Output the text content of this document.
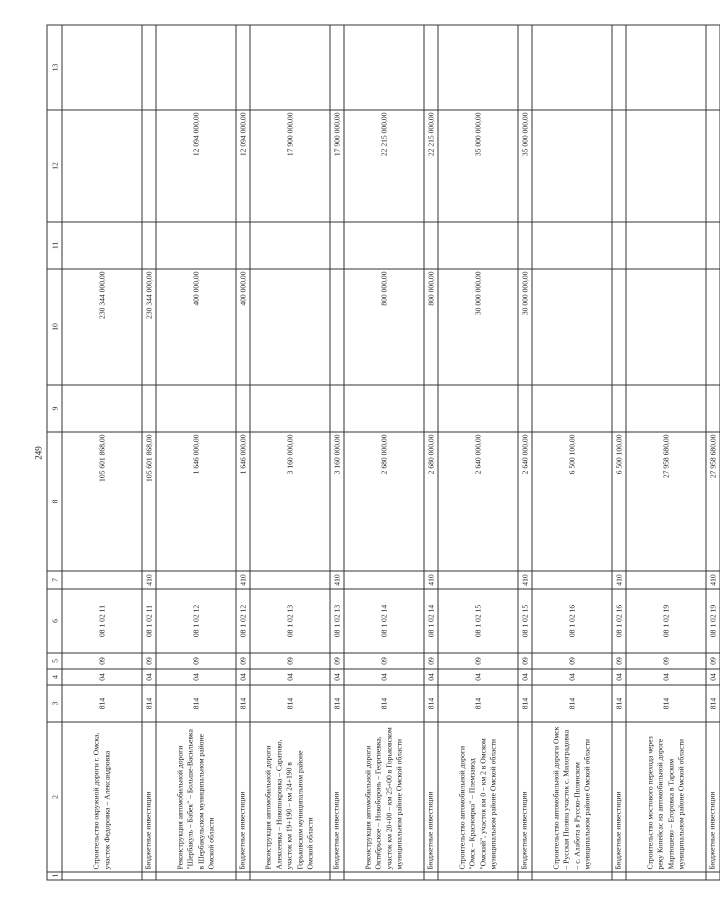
249
1	2	3	4	5	6	7	8	9	10	11	12	13
	Строительство окружной дороги г. Омска, участок Федоровка – Александровка	814	04	09	08 1 02 11		105 601 868,00		230 344 000,00			
	Бюджетные инвестиции	814	04	09	08 1 02 11	410	105 601 868,00		230 344 000,00			
	Реконструкция автомобильной дороги "Шербакуль – Бабек" – Больше-Васильевка в Шербакульском муниципальном районе Омской области	814	04	09	08 1 02 12		1 646 000,00		400 000,00		12 094 000,00	
	Бюджетные инвестиции	814	04	09	08 1 02 12	410	1 646 000,00		400 000,00		12 094 000,00	
	Реконструкция автомобильной дороги Алексеевка – Новопокровка – Саратово, участок км 19+190 – км 24+190 в Горьковском муниципальном районе Омской области	814	04	09	08 1 02 13		3 160 000,00				17 900 000,00	
	Бюджетные инвестиции	814	04	09	08 1 02 13	410	3 160 000,00				17 900 000,00	
	Реконструкция автомобильной дороги Октябрьское – Новоборонь – Георгиевка, участок км 20+00 – км 25+00 в Горьковском муниципальном районе Омской области	814	04	09	08 1 02 14		2 680 000,00		800 000,00		22 215 000,00	
	Бюджетные инвестиции	814	04	09	08 1 02 14	410	2 680 000,00		800 000,00		22 215 000,00	
	Строительство автомобильной дороги "Омск – Красноярка" – Племзавод "Омский", участок км 0 – км 2 в Омском муниципальном районе Омской области	814	04	09	08 1 02 15		2 640 000,00		30 000 000,00		35 000 000,00	
	Бюджетные инвестиции	814	04	09	08 1 02 15	410	2 640 000,00		30 000 000,00		35 000 000,00	
	Строительство автомобильной дороги Омск – Русская Поляна участок с. Милоградовка – с. Алабота в Русско-Полянском муниципальном районе Омской области	814	04	09	08 1 02 16		6 500 100,00					
	Бюджетные инвестиции	814	04	09	08 1 02 16	410	6 500 100,00					
	Строительство мостового перехода через реку Копейсас на автомобильной дороге Мартюшево – Егоровка в Тарском муниципальном районе Омской области	814	04	09	08 1 02 19		27 958 680,00					
	Бюджетные инвестиции	814	04	09	08 1 02 19	410	27 958 680,00					
